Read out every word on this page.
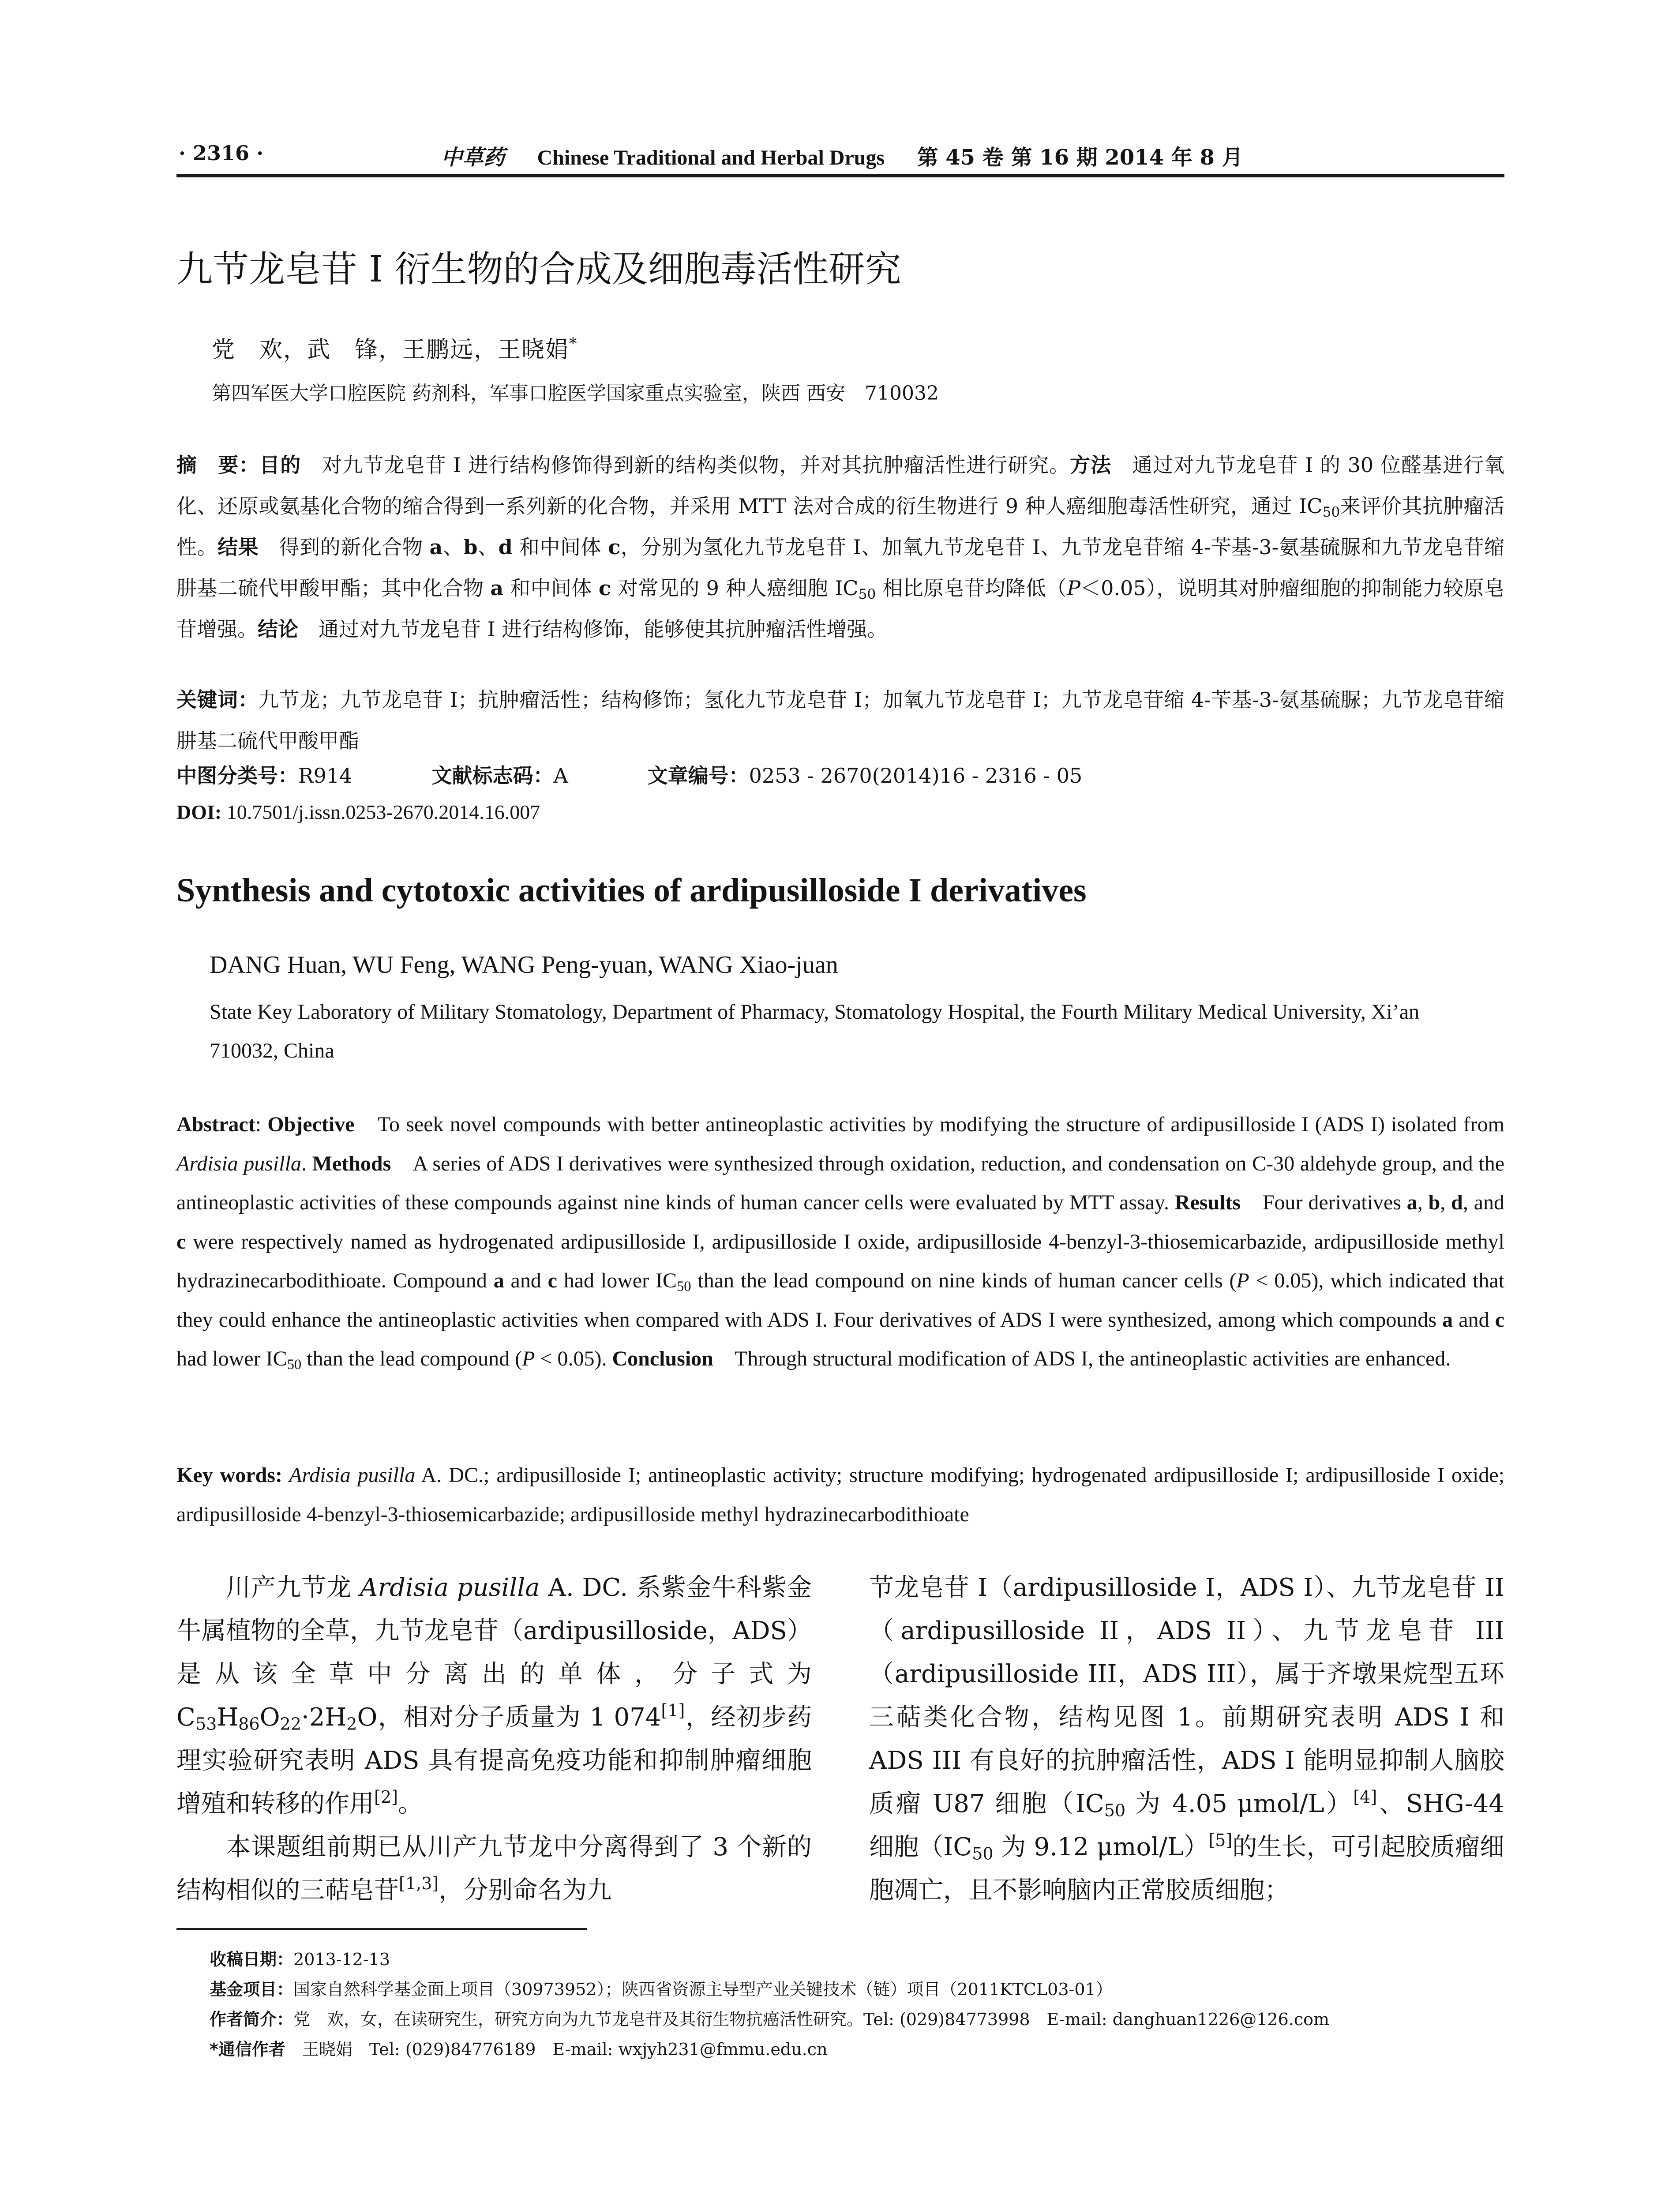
· 2316 ·	中草药 Chinese Traditional and Herbal Drugs 第 45 卷 第 16 期 2014 年 8 月
九节龙皂苷 I 衍生物的合成及细胞毒活性研究
党　欢，武　锋，王鹏远，王晓娟*
第四军医大学口腔医院 药剂科，军事口腔医学国家重点实验室，陕西 西安　710032
摘　要：目的　对九节龙皂苷 I 进行结构修饰得到新的结构类似物，并对其抗肿瘤活性进行研究。方法　通过对九节龙皂苷 I 的 30 位醛基进行氧化、还原或氨基化合物的缩合得到一系列新的化合物，并采用 MTT 法对合成的衍生物进行 9 种人癌细胞毒活性研究，通过 $IC_{50}$来评价其抗肿瘤活性。结果　得到的新化合物 a、b、d 和中间体 c，分别为氢化九节龙皂苷 I、加氧九节龙皂苷 I、九节龙皂苷缩 4-苄基-3-氨基硫脲和九节龙皂苷缩肼基二硫代甲酸甲酯；其中化合物 a 和中间体 c 对常见的 9 种人癌细胞 $IC_{50}$ 相比原皂苷均降低（P＜0.05），说明其对肿瘤细胞的抑制能力较原皂苷增强。结论　通过对九节龙皂苷 I 进行结构修饰，能够使其抗肿瘤活性增强。
关键词：九节龙；九节龙皂苷 I；抗肿瘤活性；结构修饰；氢化九节龙皂苷 I；加氧九节龙皂苷 I；九节龙皂苷缩 4-苄基-3-氨基硫脲；九节龙皂苷缩肼基二硫代甲酸甲酯
中图分类号：R914	文献标志码：A	文章编号：0253 - 2670(2014)16 - 2316 - 05
DOI: 10.7501/j.issn.0253-2670.2014.16.007
Synthesis and cytotoxic activities of ardipusilloside I derivatives
DANG Huan, WU Feng, WANG Peng-yuan, WANG Xiao-juan
State Key Laboratory of Military Stomatology, Department of Pharmacy, Stomatology Hospital, the Fourth Military Medical University, Xi’an 710032, China
Abstract: Objective　To seek novel compounds with better antineoplastic activities by modifying the structure of ardipusilloside I (ADS I) isolated from Ardisia pusilla. Methods　A series of ADS I derivatives were synthesized through oxidation, reduction, and condensation on C-30 aldehyde group, and the antineoplastic activities of these compounds against nine kinds of human cancer cells were evaluated by MTT assay. Results　Four derivatives a, b, d, and c were respectively named as hydrogenated ardipusilloside I, ardipusilloside I oxide, ardipusilloside 4-benzyl-3-thiosemicarbazide, ardipusilloside methyl hydrazinecarbodithioate. Compound a and c had lower $IC_{50}$ than the lead compound on nine kinds of human cancer cells (P < 0.05), which indicated that they could enhance the antineoplastic activities when compared with ADS I. Four derivatives of ADS I were synthesized, among which compounds a and c had lower $IC_{50}$ than the lead compound (P < 0.05). Conclusion　Through structural modification of ADS I, the antineoplastic activities are enhanced.
Key words: Ardisia pusilla A. DC.; ardipusilloside I; antineoplastic activity; structure modifying; hydrogenated ardipusilloside I; ardipusilloside I oxide; ardipusilloside 4-benzyl-3-thiosemicarbazide; ardipusilloside methyl hydrazinecarbodithioate

川产九节龙 Ardisia pusilla A. DC. 系紫金牛科紫金牛属植物的全草，九节龙皂苷（ardipusilloside，ADS）是从该全草中分离出的单体，分子式为 $C_{53}H_{86}O_{22}\cdot 2H_2O$，相对分子质量为 1 074[1]，经初步药理实验研究表明 ADS 具有提高免疫功能和抑制肿瘤细胞增殖和转移的作用[2]。

本课题组前期已从川产九节龙中分离得到了 3 个新的结构相似的三萜皂苷[1,3]，分别命名为九

节龙皂苷 I（ardipusilloside I，ADS I）、九节龙皂苷 II（ardipusilloside II，ADS II）、九节龙皂苷 III（ardipusilloside III，ADS III），属于齐墩果烷型五环三萜类化合物，结构见图 1。前期研究表明 ADS I 和 ADS III 有良好的抗肿瘤活性，ADS I 能明显抑制人脑胶质瘤 U87 细胞（$IC_{50}$ 为 4.05 μmol/L）[4]、SHG-44 细胞（$IC_{50}$ 为 9.12 μmol/L）[5]的生长，可引起胶质瘤细胞凋亡，且不影响脑内正常胶质细胞；

收稿日期：2013-12-13
基金项目：国家自然科学基金面上项目（30973952）；陕西省资源主导型产业关键技术（链）项目（2011KTCL03-01）
作者简介：党　欢，女，在读研究生，研究方向为九节龙皂苷及其衍生物抗癌活性研究。Tel: (029)84773998　E-mail: danghuan1226@126.com
*通信作者　王晓娟　Tel: (029)84776189　E-mail: wxjyh231@fmmu.edu.cn
